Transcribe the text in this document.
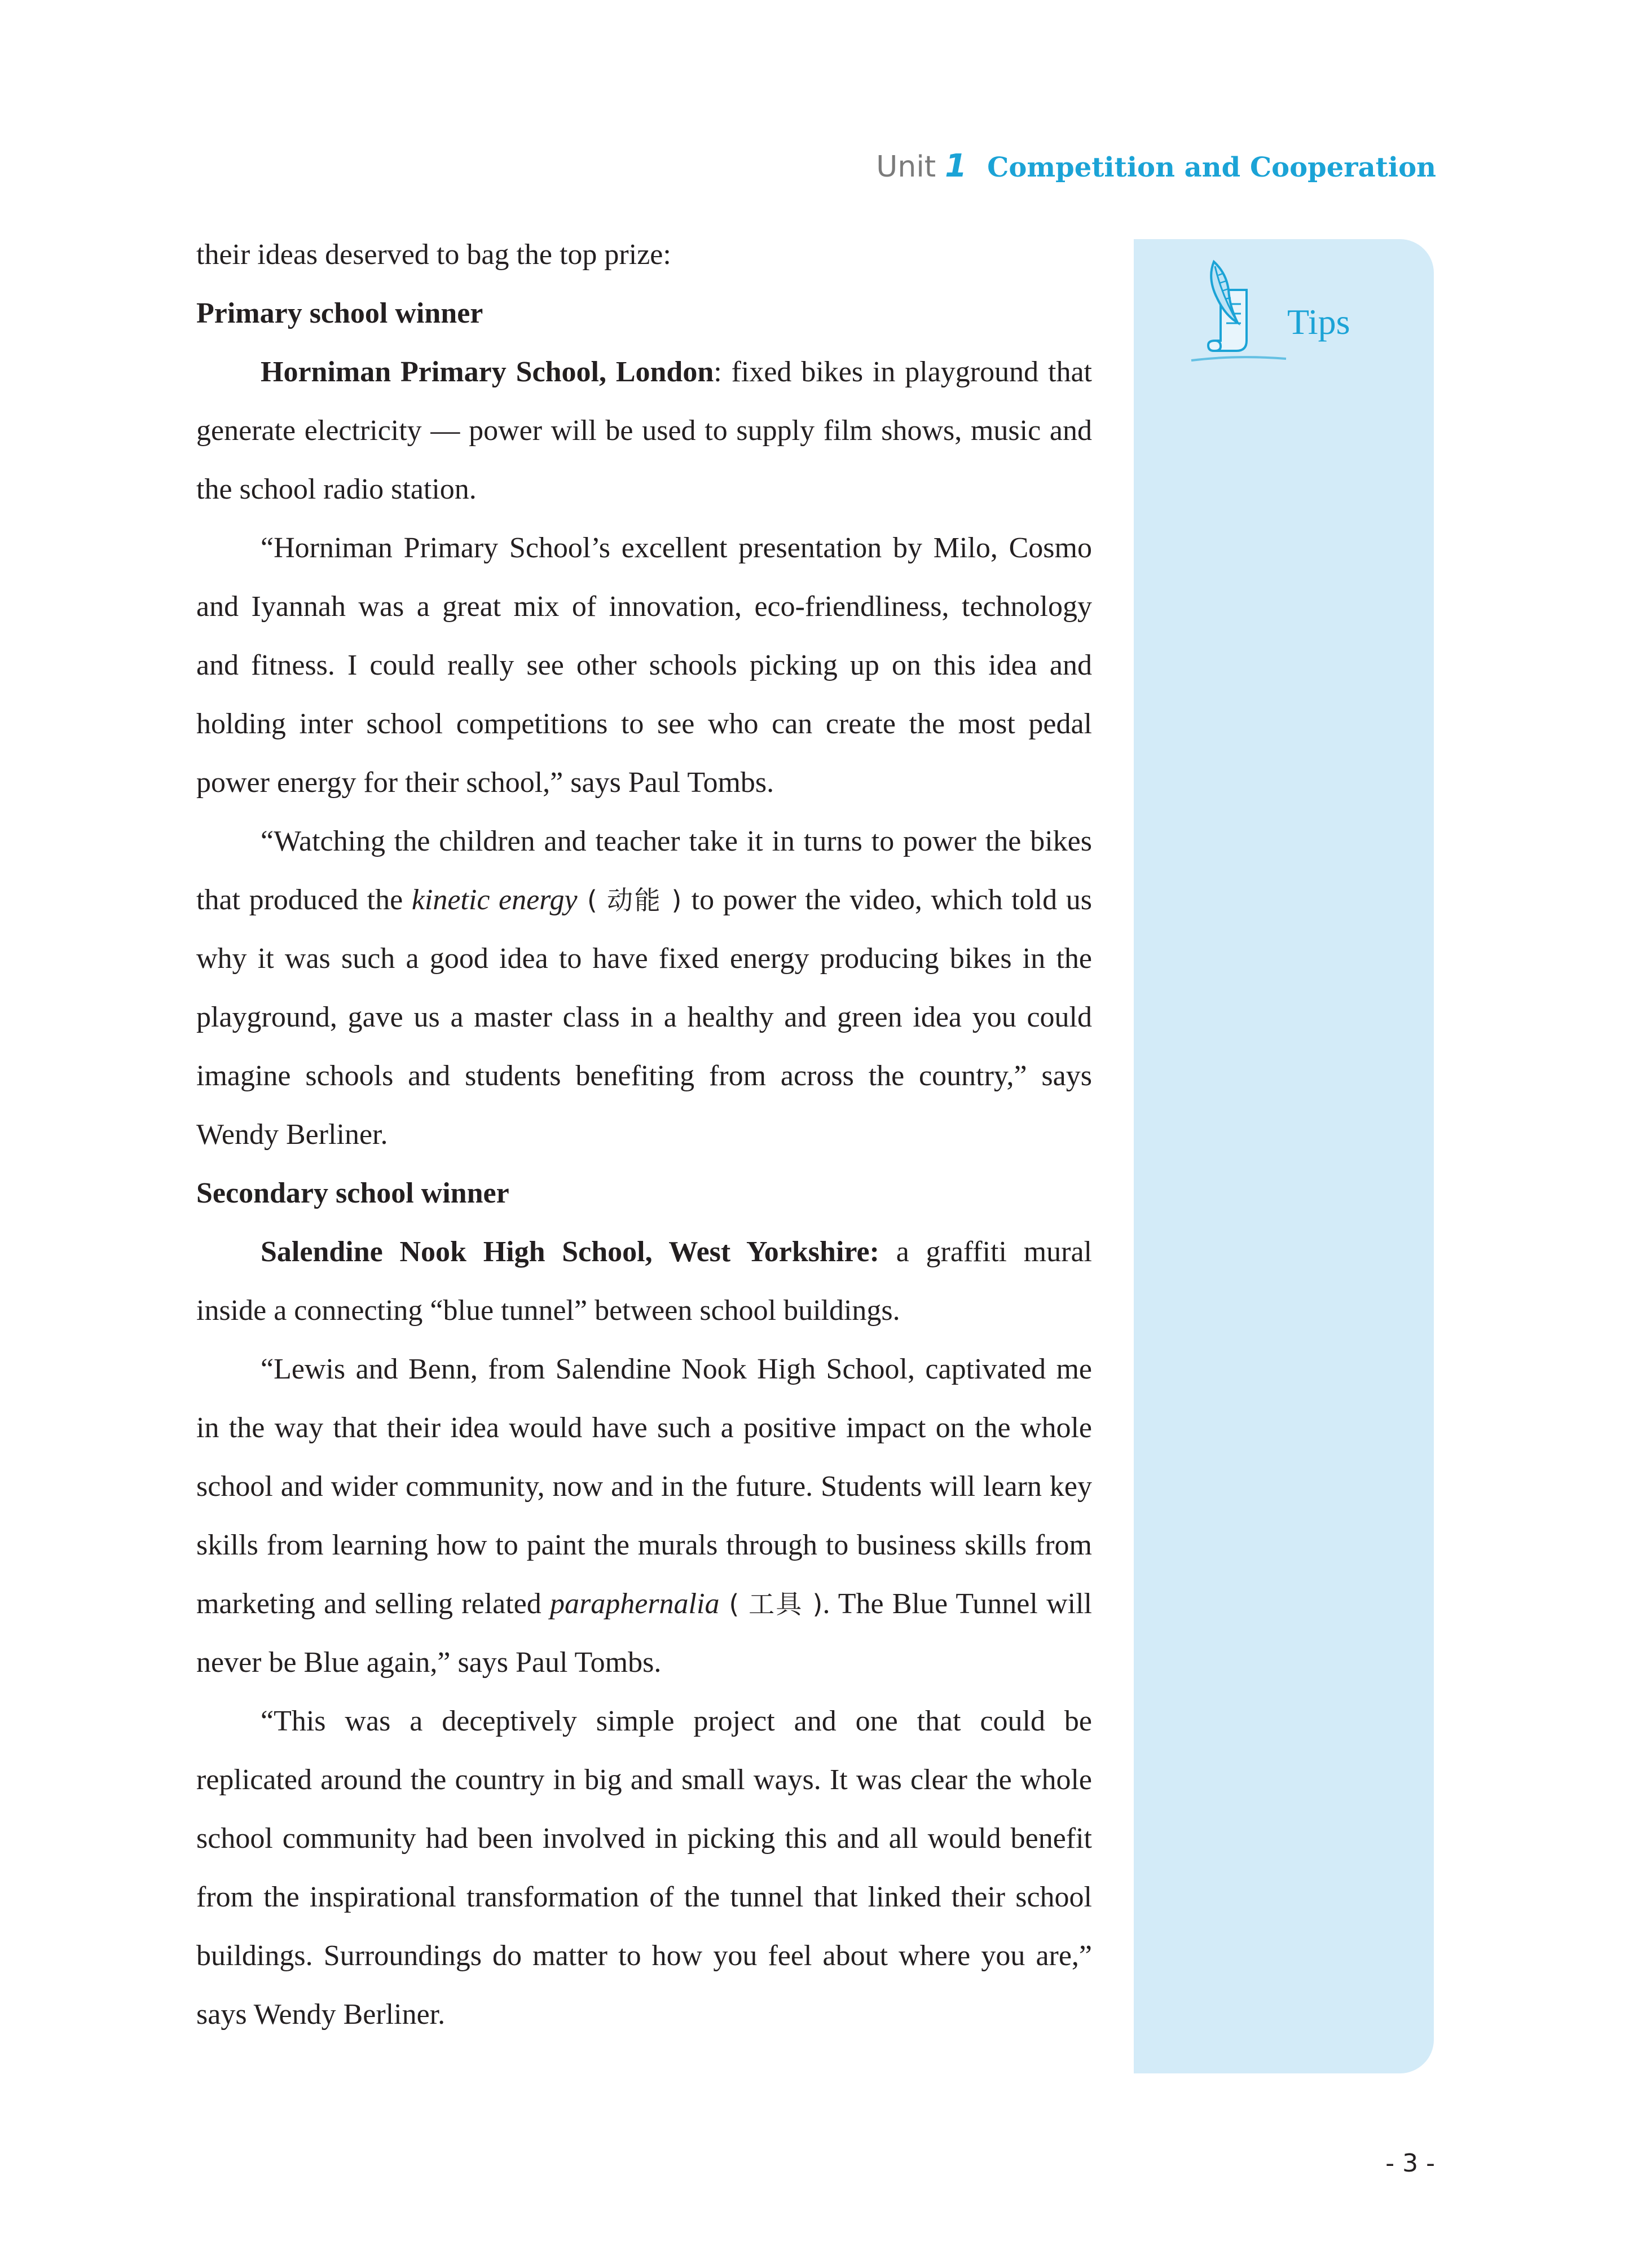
Unit 1 Competition and Cooperation
Tips

their ideas deserved to bag the top prize:

Primary school winner

Horniman Primary School, London: fixed bikes in playground that generate electricity — power will be used to supply film shows, music and the school radio station.

“Horniman Primary School’s excellent presentation by Milo, Cosmo and Iyannah was a great mix of innovation, eco-friendliness, technology and fitness. I could really see other schools picking up on this idea and holding inter school competitions to see who can create the most pedal power energy for their school,” says Paul Tombs.

“Watching the children and teacher take it in turns to power the bikes that produced the kinetic energy ( 动能 ) to power the video, which told us why it was such a good idea to have fixed energy producing bikes in the playground, gave us a master class in a healthy and green idea you could imagine schools and students benefiting from across the country,” says Wendy Berliner.

Secondary school winner

Salendine Nook High School, West Yorkshire: a graffiti mural inside a connecting “blue tunnel” between school buildings.

“Lewis and Benn, from Salendine Nook High School, captivated me in the way that their idea would have such a positive impact on the whole school and wider community, now and in the future. Students will learn key skills from learning how to paint the murals through to business skills from marketing and selling related paraphernalia ( 工具 ). The Blue Tunnel will never be Blue again,” says Paul Tombs.

“This was a deceptively simple project and one that could be replicated around the country in big and small ways. It was clear the whole school community had been involved in picking this and all would benefit from the inspirational transformation of the tunnel that linked their school buildings. Surroundings do matter to how you feel about where you are,” says Wendy Berliner.

- 3 -
